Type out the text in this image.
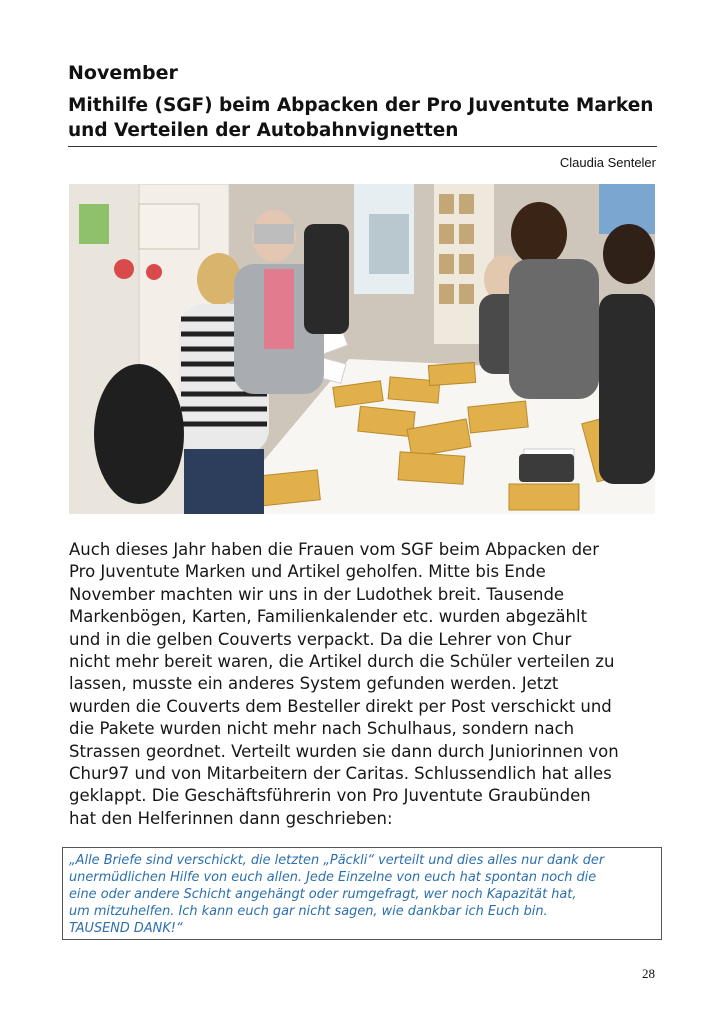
November
Mithilfe (SGF) beim Abpacken der Pro Juventute Marken
und Verteilen der Autobahnvignetten
Claudia Senteler
Auch dieses Jahr haben die Frauen vom SGF beim Abpacken der
Pro Juventute Marken und Artikel geholfen. Mitte bis Ende
November machten wir uns in der Ludothek breit. Tausende
Markenbögen, Karten, Familienkalender etc. wurden abgezählt
und in die gelben Couverts verpackt. Da die Lehrer von Chur
nicht mehr bereit waren, die Artikel durch die Schüler verteilen zu
lassen, musste ein anderes System gefunden werden. Jetzt
wurden die Couverts dem Besteller direkt per Post verschickt und
die Pakete wurden nicht mehr nach Schulhaus, sondern nach
Strassen geordnet. Verteilt wurden sie dann durch Juniorinnen von
Chur97 und von Mitarbeitern der Caritas. Schlussendlich hat alles
geklappt. Die Geschäftsführerin von Pro Juventute Graubünden
hat den Helferinnen dann geschrieben:
„Alle Briefe sind verschickt, die letzten „Päckli“ verteilt und dies alles nur dank der
unermüdlichen Hilfe von euch allen. Jede Einzelne von euch hat spontan noch die
eine oder andere Schicht angehängt oder rumgefragt, wer noch Kapazität hat,
um mitzuhelfen. Ich kann euch gar nicht sagen, wie dankbar ich Euch bin.
TAUSEND DANK!“
28
